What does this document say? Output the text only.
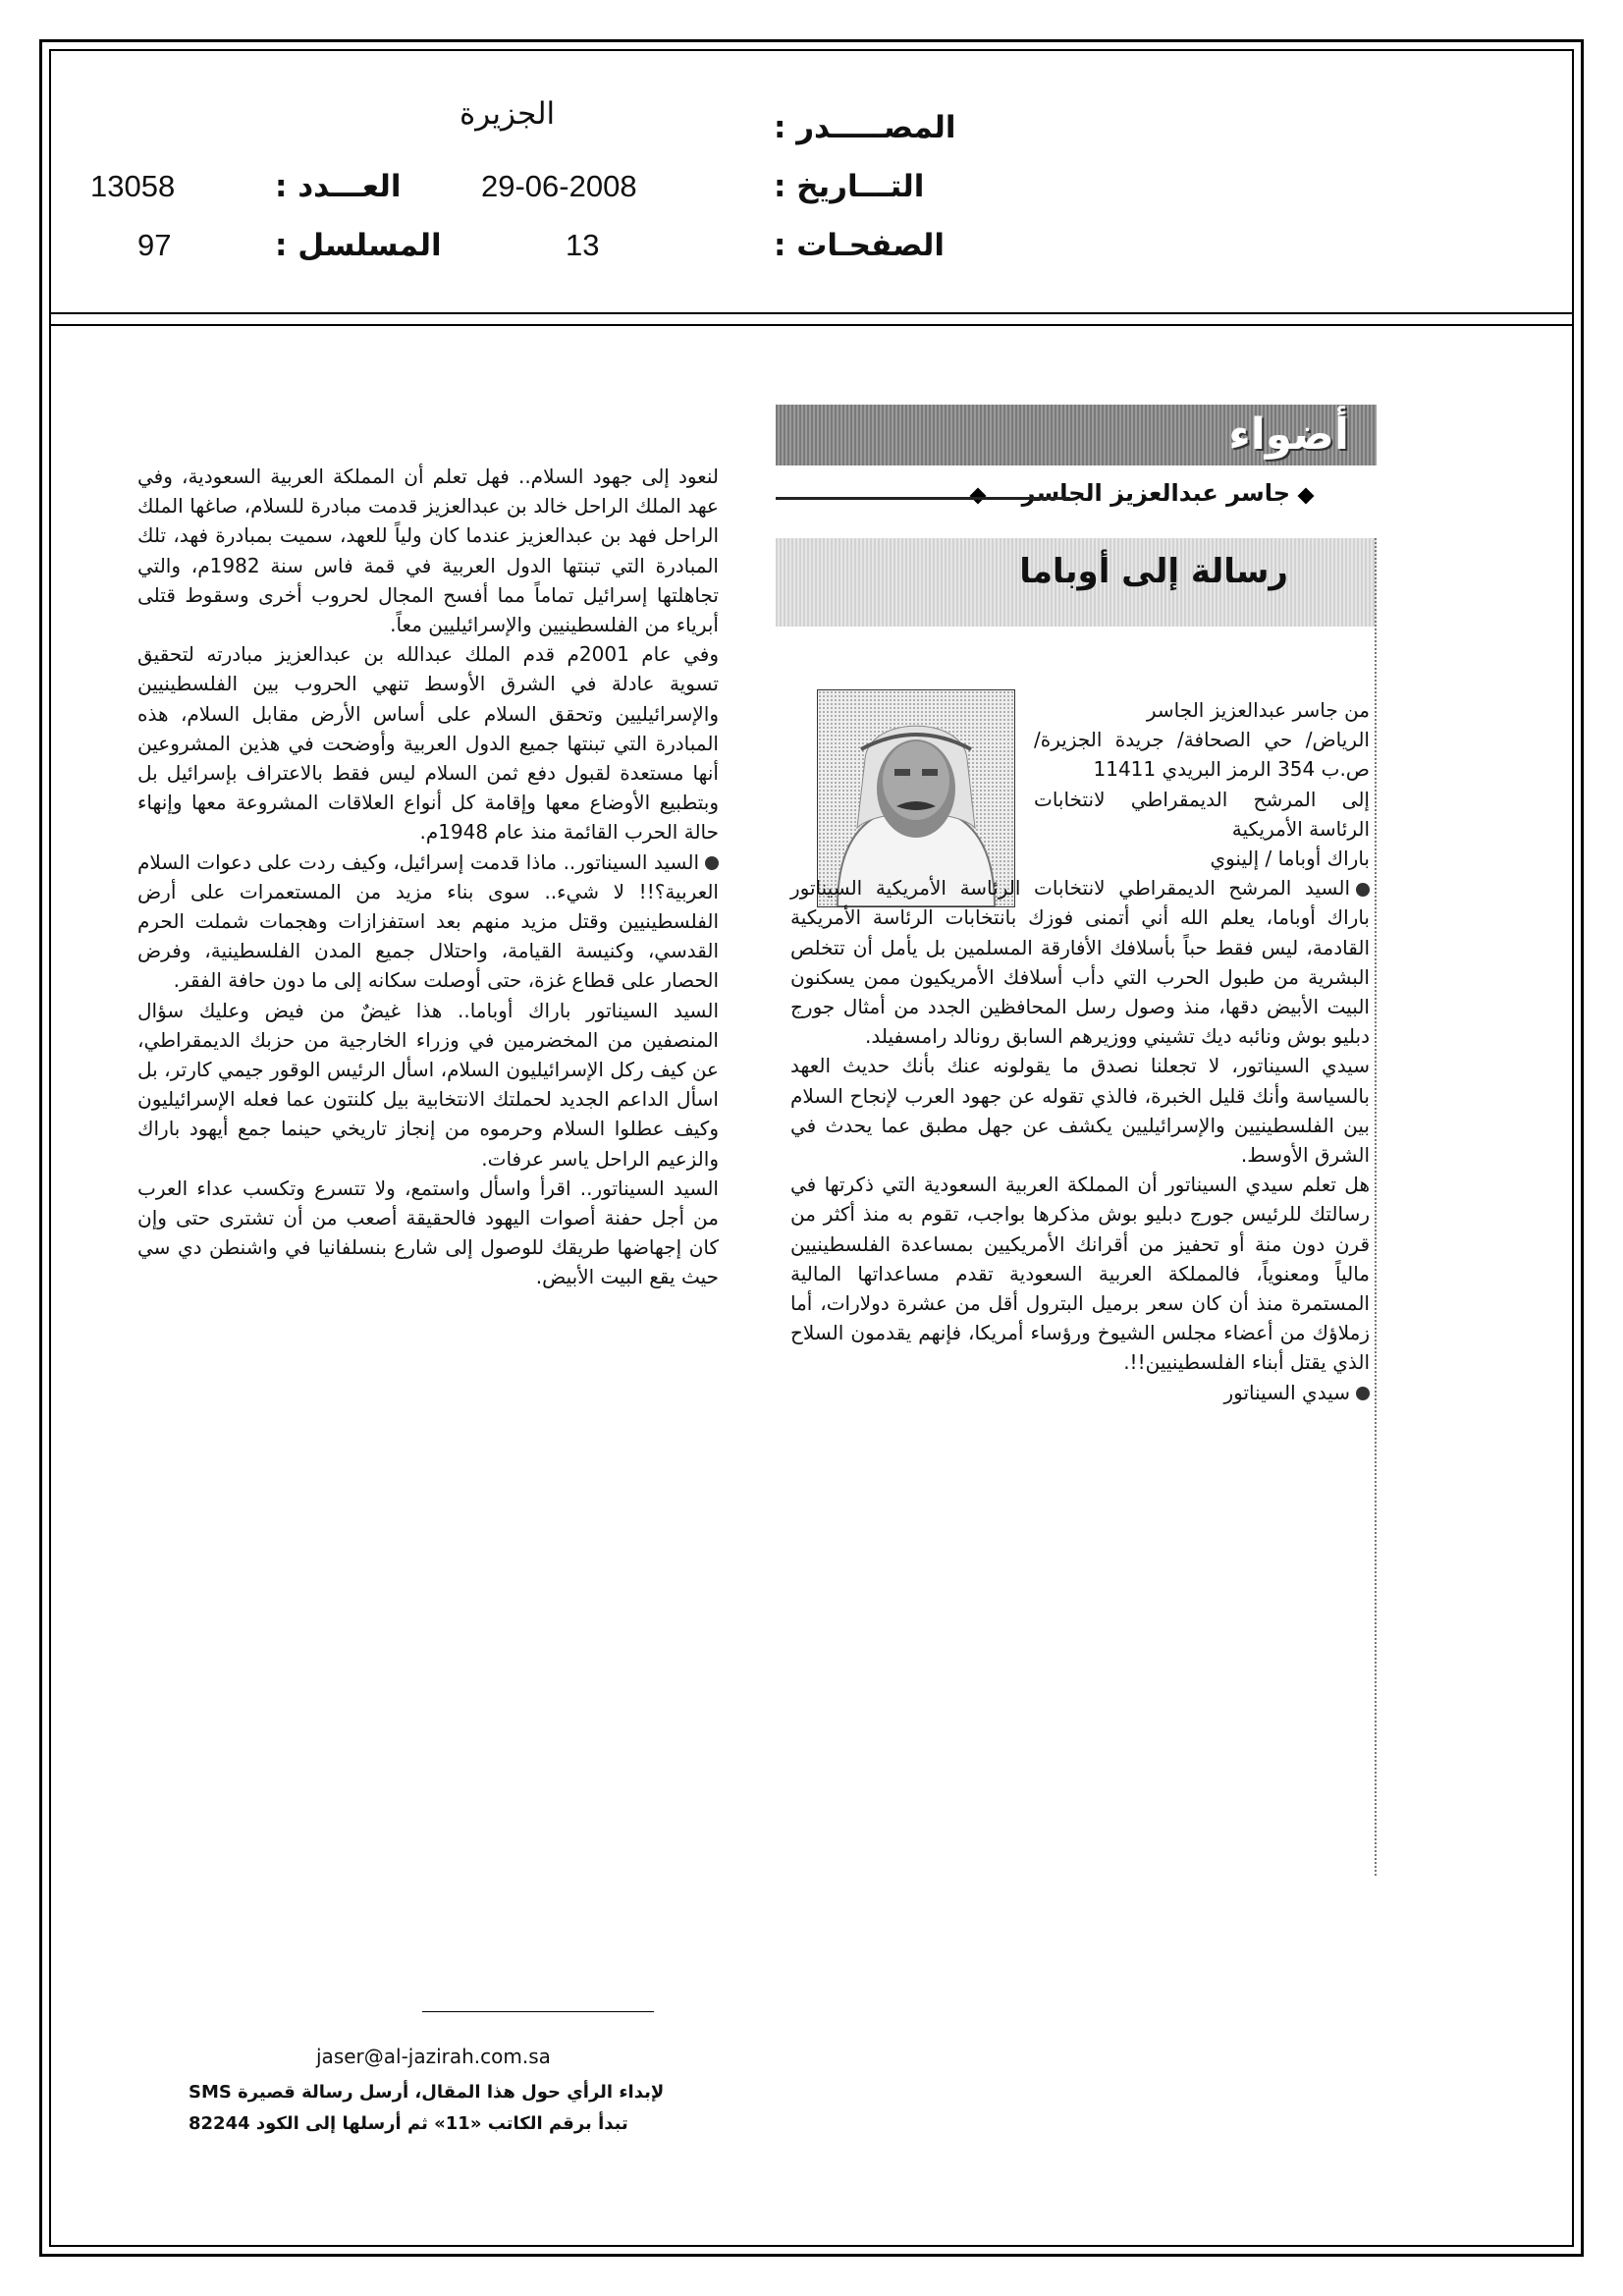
المصـــــدر :
الجزيرة
التـــاريخ :
29-06-2008
العـــدد :
13058
الصفحـات :
13
المسلسل :
97
أضواء
جاسر عبدالعزيز الجاسر
رسالة إلى أوباما

من جاسر عبدالعزيز الجاسر

الرياض/ حي الصحافة/ جريدة الجزيرة/ ص.ب 354 الرمز البريدي 11411

إلى المرشح الديمقراطي لانتخابات الرئاسة الأمريكية

باراك أوباما / إلينوي

السيد المرشح الديمقراطي لانتخابات الرئاسة الأمريكية السيناتور باراك أوباما، يعلم الله أني أتمنى فوزك بانتخابات الرئاسة الأمريكية القادمة، ليس فقط حباً بأسلافك الأفارقة المسلمين بل يأمل أن تتخلص البشرية من طبول الحرب التي دأب أسلافك الأمريكيون ممن يسكنون البيت الأبيض دقها، منذ وصول رسل المحافظين الجدد من أمثال جورج دبليو بوش ونائبه ديك تشيني ووزيرهم السابق رونالد رامسفيلد.

سيدي السيناتور، لا تجعلنا نصدق ما يقولونه عنك بأنك حديث العهد بالسياسة وأنك قليل الخبرة، فالذي تقوله عن جهود العرب لإنجاح السلام بين الفلسطينيين والإسرائيليين يكشف عن جهل مطبق عما يحدث في الشرق الأوسط.

هل تعلم سيدي السيناتور أن المملكة العربية السعودية التي ذكرتها في رسالتك للرئيس جورج دبليو بوش مذكرها بواجب، تقوم به منذ أكثر من قرن دون منة أو تحفيز من أقرانك الأمريكيين بمساعدة الفلسطينيين مالياً ومعنوياً، فالمملكة العربية السعودية تقدم مساعداتها المالية المستمرة منذ أن كان سعر برميل البترول أقل من عشرة دولارات، أما زملاؤك من أعضاء مجلس الشيوخ ورؤساء أمريكا، فإنهم يقدمون السلاح الذي يقتل أبناء الفلسطينيين!!.

سيدي السيناتور

لنعود إلى جهود السلام.. فهل تعلم أن المملكة العربية السعودية، وفي عهد الملك الراحل خالد بن عبدالعزيز قدمت مبادرة للسلام، صاغها الملك الراحل فهد بن عبدالعزيز عندما كان ولياً للعهد، سميت بمبادرة فهد، تلك المبادرة التي تبنتها الدول العربية في قمة فاس سنة 1982م، والتي تجاهلتها إسرائيل تماماً مما أفسح المجال لحروب أخرى وسقوط قتلى أبرياء من الفلسطينيين والإسرائيليين معاً.

وفي عام 2001م قدم الملك عبدالله بن عبدالعزيز مبادرته لتحقيق تسوية عادلة في الشرق الأوسط تنهي الحروب بين الفلسطينيين والإسرائيليين وتحقق السلام على أساس الأرض مقابل السلام، هذه المبادرة التي تبنتها جميع الدول العربية وأوضحت في هذين المشروعين أنها مستعدة لقبول دفع ثمن السلام ليس فقط بالاعتراف بإسرائيل بل وبتطبيع الأوضاع معها وإقامة كل أنواع العلاقات المشروعة معها وإنهاء حالة الحرب القائمة منذ عام 1948م.

السيد السيناتور.. ماذا قدمت إسرائيل، وكيف ردت على دعوات السلام العربية؟!! لا شيء.. سوى بناء مزيد من المستعمرات على أرض الفلسطينيين وقتل مزيد منهم بعد استفزازات وهجمات شملت الحرم القدسي، وكنيسة القيامة، واحتلال جميع المدن الفلسطينية، وفرض الحصار على قطاع غزة، حتى أوصلت سكانه إلى ما دون حافة الفقر.

السيد السيناتور باراك أوباما.. هذا غيضٌ من فيض وعليك سؤال المنصفين من المخضرمين في وزراء الخارجية من حزبك الديمقراطي، عن كيف ركل الإسرائيليون السلام، اسأل الرئيس الوقور جيمي كارتر، بل اسأل الداعم الجديد لحملتك الانتخابية بيل كلنتون عما فعله الإسرائيليون وكيف عطلوا السلام وحرموه من إنجاز تاريخي حينما جمع أيهود باراك والزعيم الراحل ياسر عرفات.

السيد السيناتور.. اقرأ واسأل واستمع، ولا تتسرع وتكسب عداء العرب من أجل حفنة أصوات اليهود فالحقيقة أصعب من أن تشترى حتى وإن كان إجهاضها طريقك للوصول إلى شارع بنسلفانيا في واشنطن دي سي حيث يقع البيت الأبيض.

jaser@al-jazirah.com.sa
لإبداء الرأي حول هذا المقال، أرسل رسالة قصيرة SMS
تبدأ برقم الكاتب «11» ثم أرسلها إلى الكود 82244
